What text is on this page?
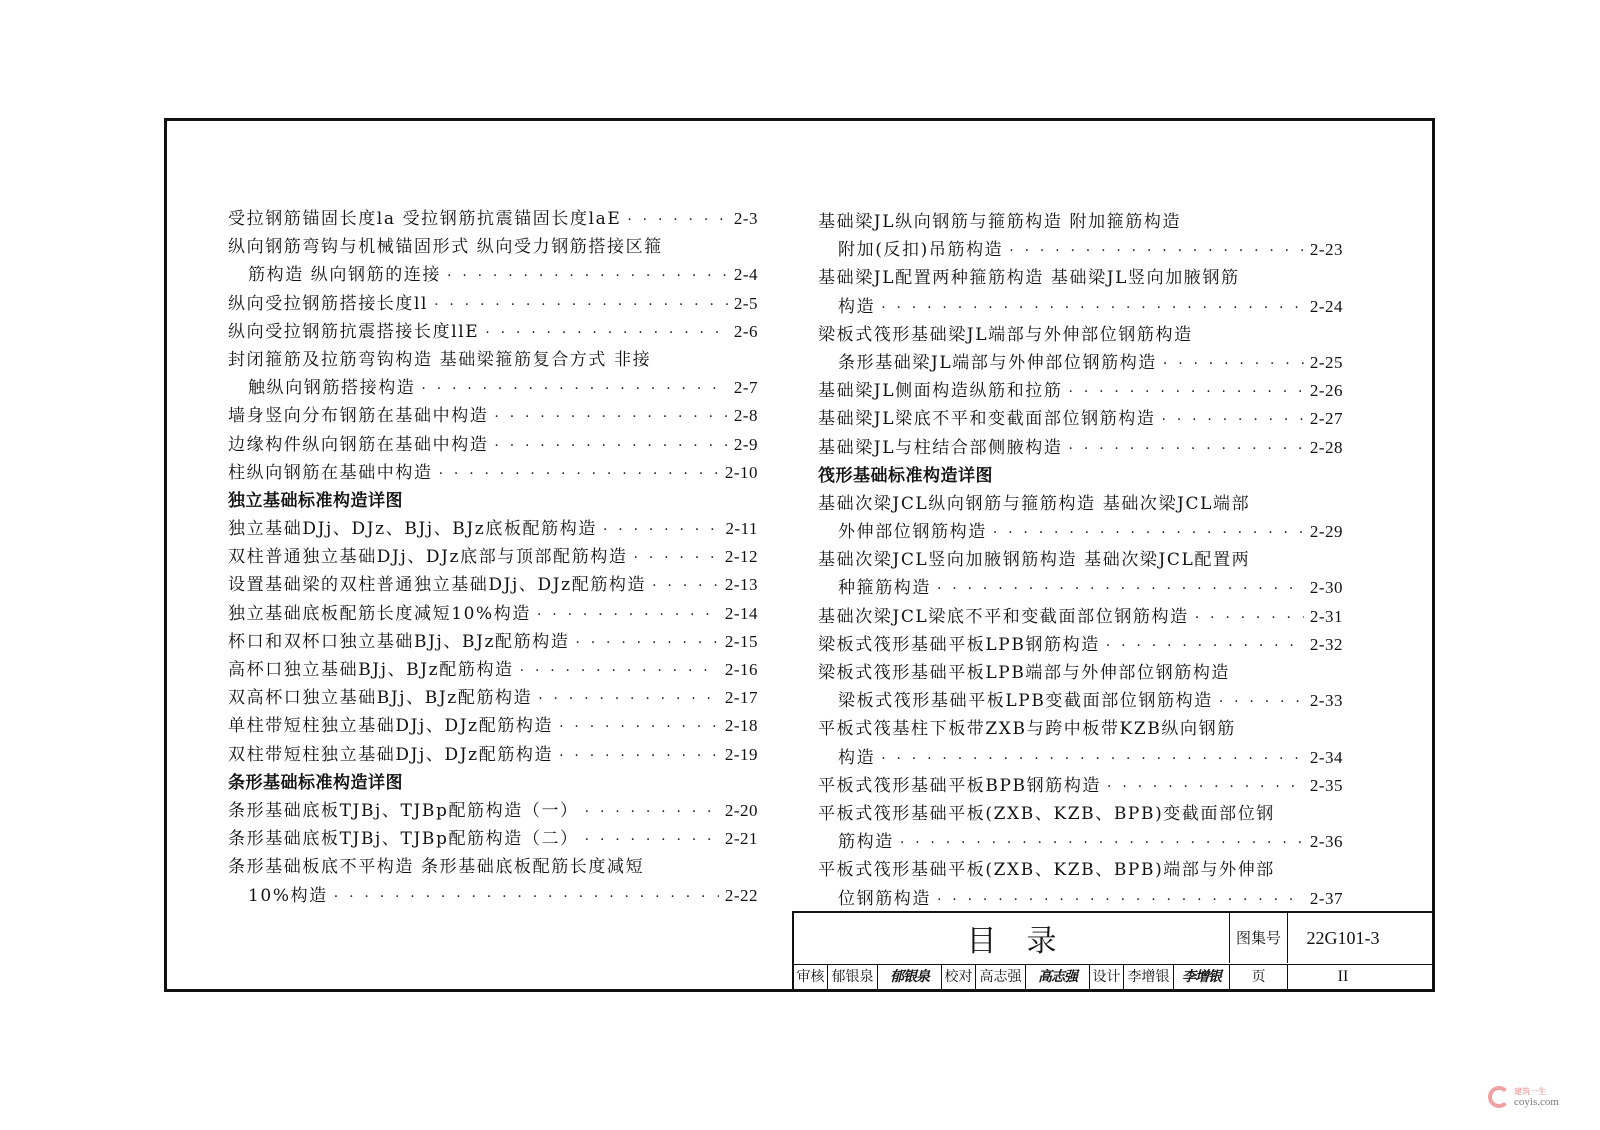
受拉钢筋锚固长度la 受拉钢筋抗震锚固长度laE · · ·	2-3
纵向钢筋弯钩与机械锚固形式 纵向受力钢筋搭接区箍
筋构造 纵向钢筋的连接 · · ·	2-4
纵向受拉钢筋搭接长度ll · · ·	2-5
纵向受拉钢筋抗震搭接长度llE · · ·	2-6
封闭箍筋及拉筋弯钩构造 基础梁箍筋复合方式 非接
触纵向钢筋搭接构造 · · ·	2-7
墙身竖向分布钢筋在基础中构造 · · ·	2-8
边缘构件纵向钢筋在基础中构造 · · ·	2-9
柱纵向钢筋在基础中构造 · · ·	2-10
独立基础标准构造详图
独立基础DJj、DJz、BJj、BJz底板配筋构造 · · ·	2-11
双柱普通独立基础DJj、DJz底部与顶部配筋构造 · · ·	2-12
设置基础梁的双柱普通独立基础DJj、DJz配筋构造 · · ·	2-13
独立基础底板配筋长度减短10%构造 · · ·	2-14
杯口和双杯口独立基础BJj、BJz配筋构造 · · ·	2-15
高杯口独立基础BJj、BJz配筋构造 · · ·	2-16
双高杯口独立基础BJj、BJz配筋构造 · · ·	2-17
单柱带短柱独立基础DJj、DJz配筋构造 · · ·	2-18
双柱带短柱独立基础DJj、DJz配筋构造 · · ·	2-19
条形基础标准构造详图
条形基础底板TJBj、TJBp配筋构造（一） · · ·	2-20
条形基础底板TJBj、TJBp配筋构造（二） · · ·	2-21
条形基础板底不平构造 条形基础底板配筋长度减短
10%构造 · · ·	2-22
基础梁JL纵向钢筋与箍筋构造 附加箍筋构造
附加(反扣)吊筋构造 · · ·	2-23
基础梁JL配置两种箍筋构造 基础梁JL竖向加腋钢筋
构造 · · ·	2-24
梁板式筏形基础梁JL端部与外伸部位钢筋构造
条形基础梁JL端部与外伸部位钢筋构造 · · ·	2-25
基础梁JL侧面构造纵筋和拉筋 · · ·	2-26
基础梁JL梁底不平和变截面部位钢筋构造 · · ·	2-27
基础梁JL与柱结合部侧腋构造 · · ·	2-28
筏形基础标准构造详图
基础次梁JCL纵向钢筋与箍筋构造 基础次梁JCL端部
外伸部位钢筋构造 · · ·	2-29
基础次梁JCL竖向加腋钢筋构造 基础次梁JCL配置两
种箍筋构造 · · ·	2-30
基础次梁JCL梁底不平和变截面部位钢筋构造 · · ·	2-31
梁板式筏形基础平板LPB钢筋构造 · · ·	2-32
梁板式筏形基础平板LPB端部与外伸部位钢筋构造
梁板式筏形基础平板LPB变截面部位钢筋构造 · · ·	2-33
平板式筏基柱下板带ZXB与跨中板带KZB纵向钢筋
构造 · · ·	2-34
平板式筏形基础平板BPB钢筋构造 · · ·	2-35
平板式筏形基础平板(ZXB、KZB、BPB)变截面部位钢
筋构造 · · ·	2-36
平板式筏形基础平板(ZXB、KZB、BPB)端部与外伸部
位钢筋构造 · · ·	2-37
目录	图集号	22G101-3
审核 郁银泉	郁银泉	校对 高志强	高志强	设计 李增银 李增银	页	II
建筑一生
coyis.com
